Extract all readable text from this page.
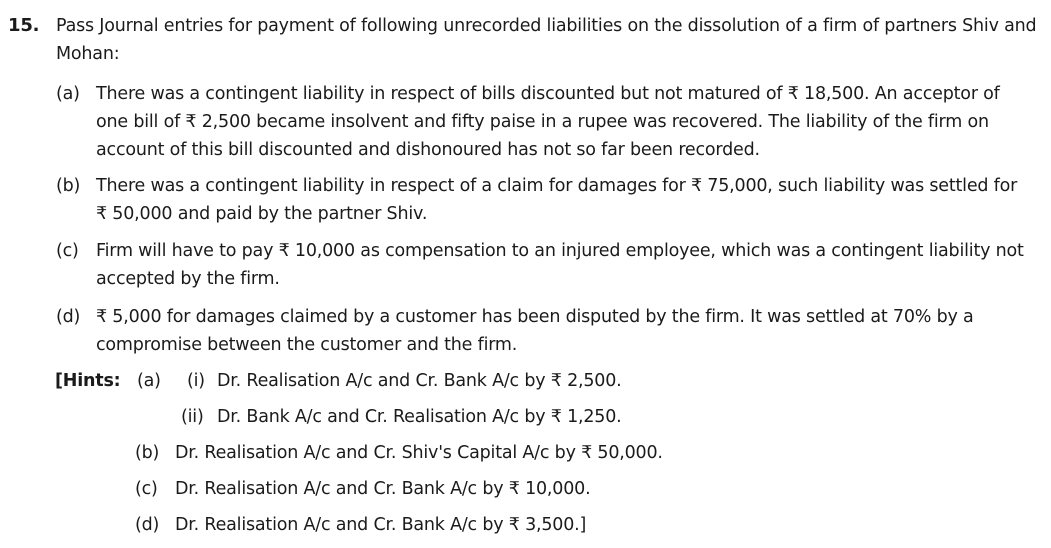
15. Pass Journal entries for payment of following unrecorded liabilities on the dissolution of a firm of partners Shiv and Mohan:
(a) There was a contingent liability in respect of bills discounted but not matured of ₹ 18,500. An acceptor of one bill of ₹ 2,500 became insolvent and fifty paise in a rupee was recovered. The liability of the firm on account of this bill discounted and dishonoured has not so far been recorded.
(b) There was a contingent liability in respect of a claim for damages for ₹ 75,000, such liability was settled for ₹ 50,000 and paid by the partner Shiv.
(c) Firm will have to pay ₹ 10,000 as compensation to an injured employee, which was a contingent liability not accepted by the firm.
(d) ₹ 5,000 for damages claimed by a customer has been disputed by the firm. It was settled at 70% by a compromise between the customer and the firm.
[Hints: (a) (i) Dr. Realisation A/c and Cr. Bank A/c by ₹ 2,500.
(ii) Dr. Bank A/c and Cr. Realisation A/c by ₹ 1,250.
(b) Dr. Realisation A/c and Cr. Shiv's Capital A/c by ₹ 50,000.
(c) Dr. Realisation A/c and Cr. Bank A/c by ₹ 10,000.
(d) Dr. Realisation A/c and Cr. Bank A/c by ₹ 3,500.]
